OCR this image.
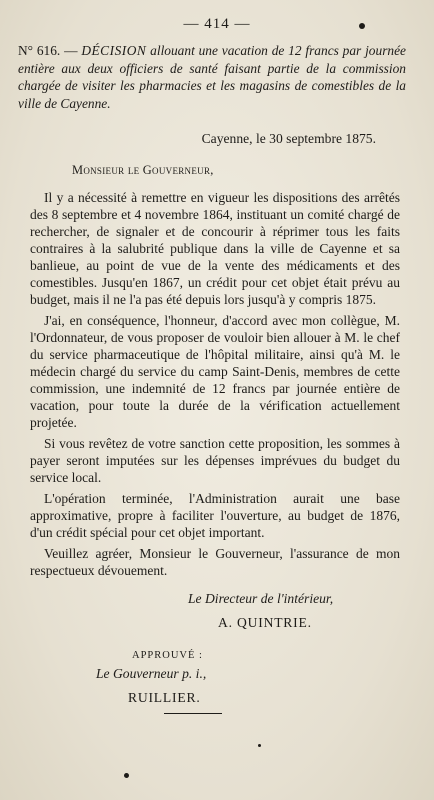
— 414 —
N° 616. — DÉCISION allouant une vacation de 12 francs par journée entière aux deux officiers de santé faisant partie de la commission chargée de visiter les pharmacies et les magasins de comestibles de la ville de Cayenne.
Cayenne, le 30 septembre 1875.
Monsieur le Gouverneur,

Il y a nécessité à remettre en vigueur les dispositions des arrêtés des 8 septembre et 4 novembre 1864, instituant un comité chargé de rechercher, de signaler et de concourir à réprimer tous les faits contraires à la salubrité publique dans la ville de Cayenne et sa banlieue, au point de vue de la vente des médicaments et des comestibles. Jusqu'en 1867, un crédit pour cet objet était prévu au budget, mais il ne l'a pas été depuis lors jusqu'à y compris 1875.

J'ai, en conséquence, l'honneur, d'accord avec mon collègue, M. l'Ordonnateur, de vous proposer de vouloir bien allouer à M. le chef du service pharmaceutique de l'hôpital militaire, ainsi qu'à M. le médecin chargé du service du camp Saint-Denis, membres de cette commission, une indemnité de 12 francs par journée entière de vacation, pour toute la durée de la vérification actuellement projetée.

Si vous revêtez de votre sanction cette proposition, les sommes à payer seront imputées sur les dépenses imprévues du budget du service local.

L'opération terminée, l'Administration aurait une base approximative, propre à faciliter l'ouverture, au budget de 1876, d'un crédit spécial pour cet objet important.

Veuillez agréer, Monsieur le Gouverneur, l'assurance de mon respectueux dévouement.

Le Directeur de l'intérieur,
A. QUINTRIE.
APPROUVÉ :
Le Gouverneur p. i.,
RUILLIER.
